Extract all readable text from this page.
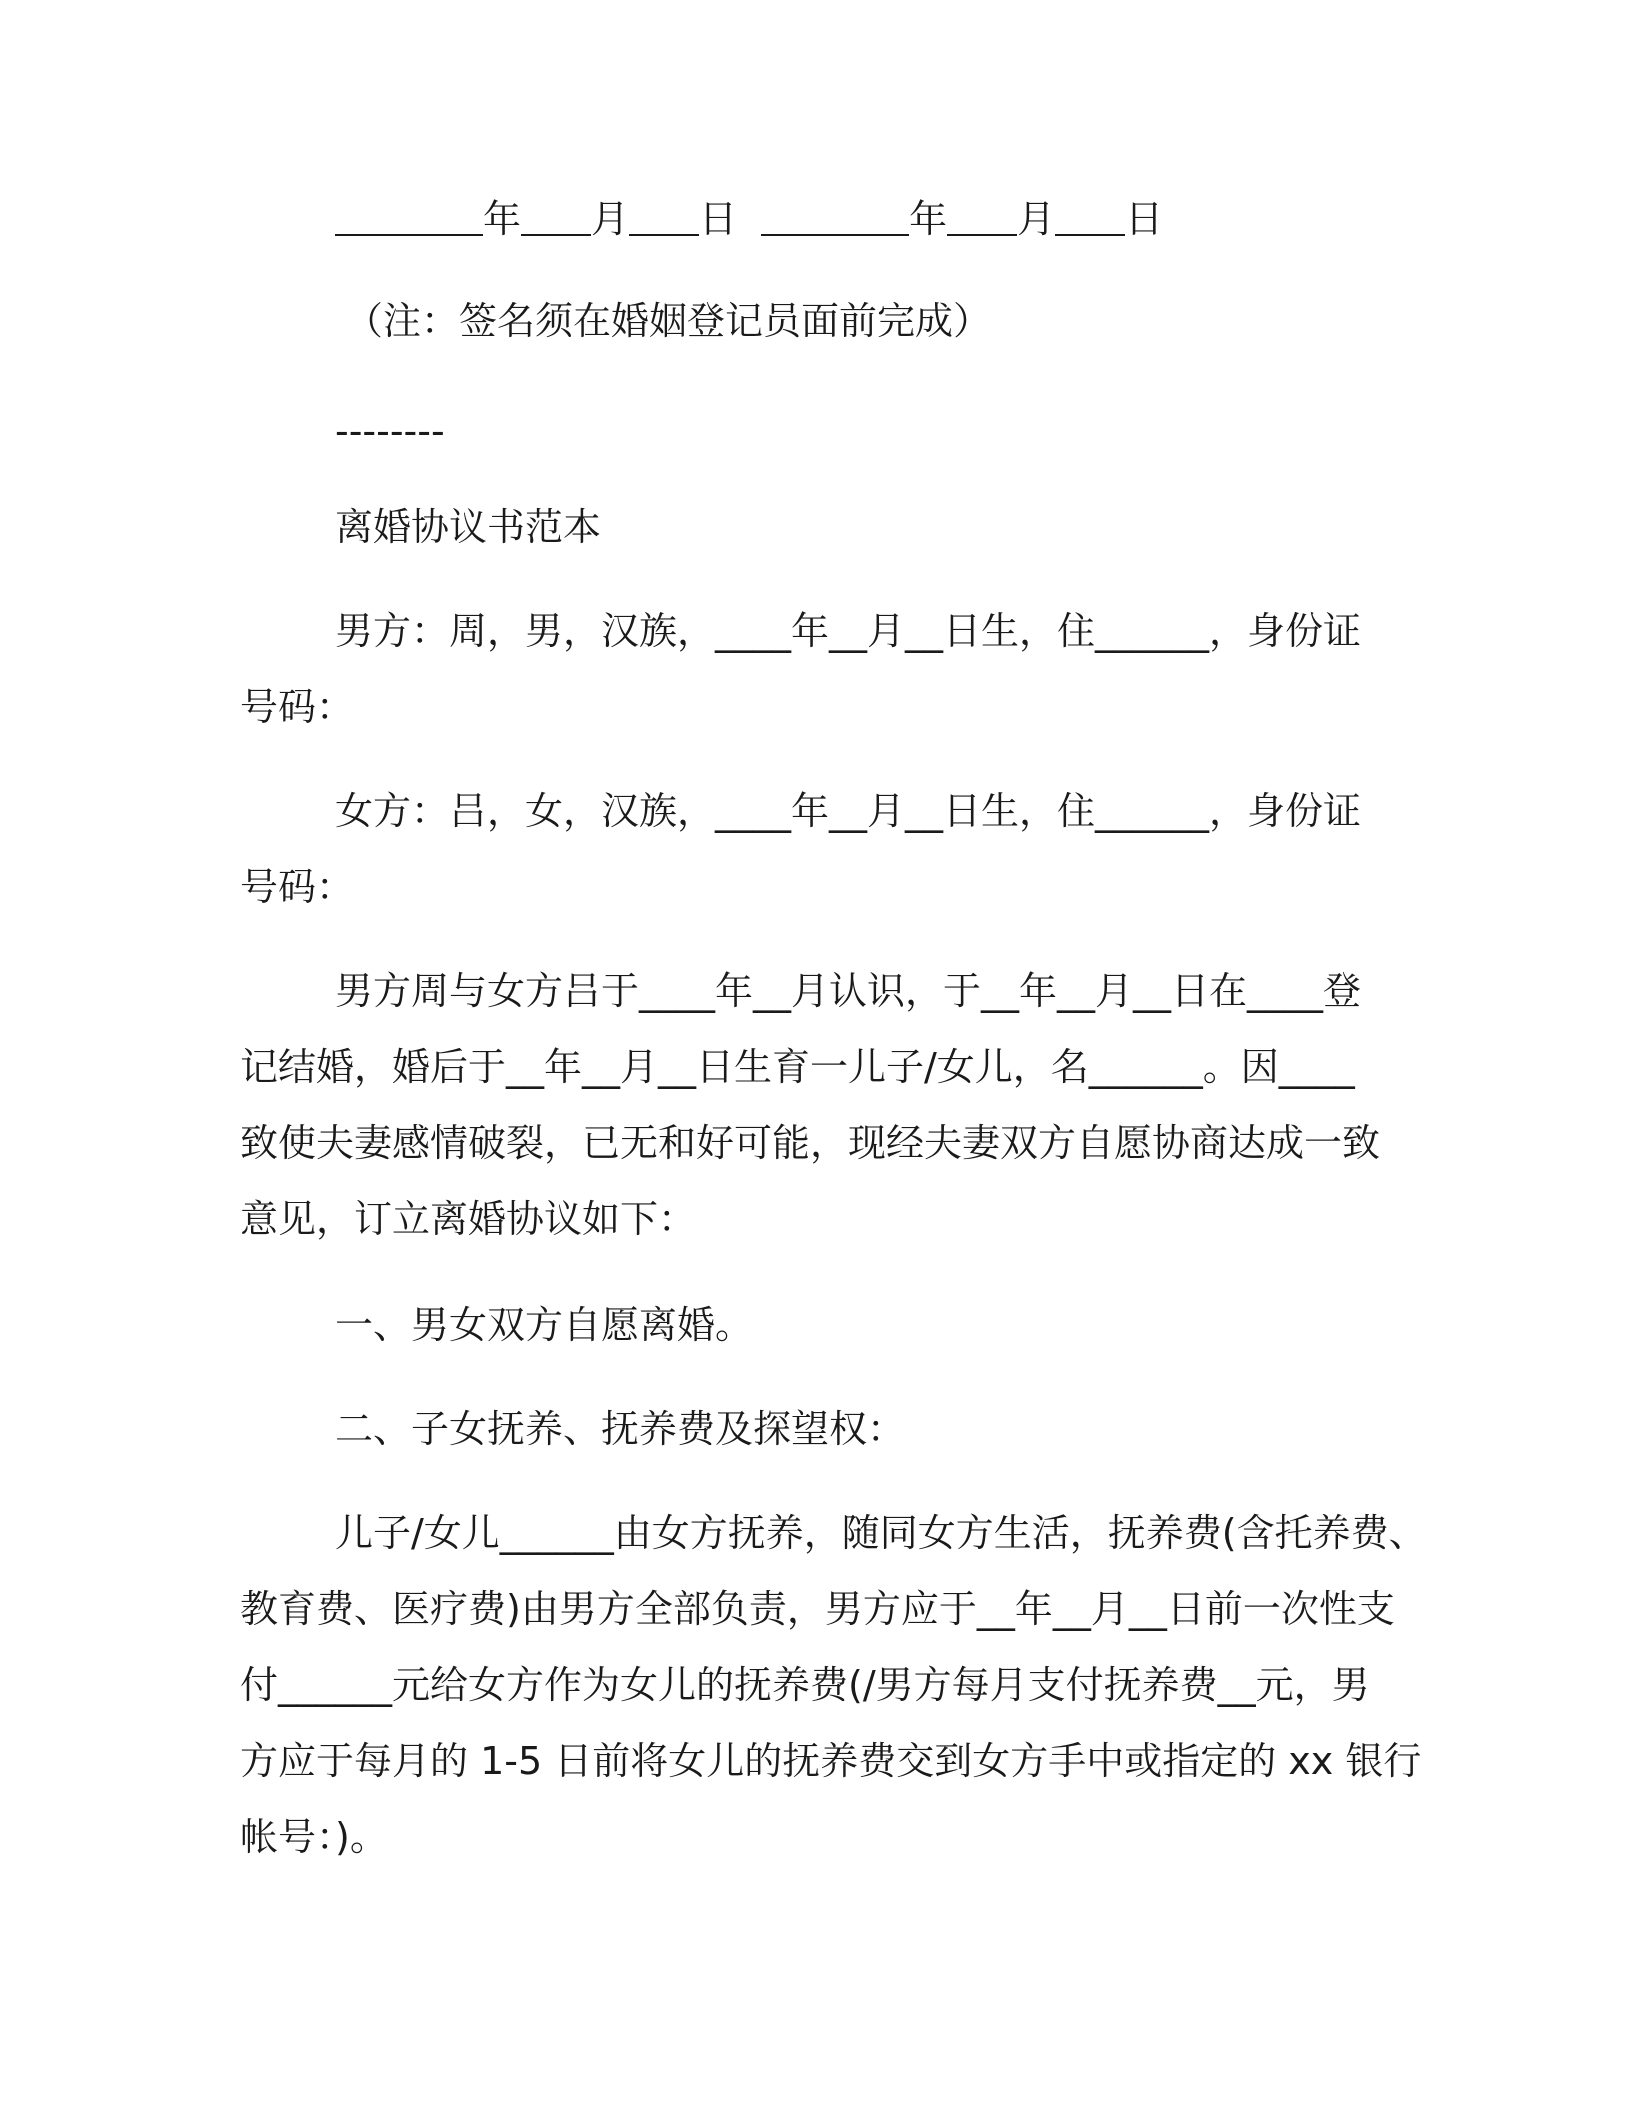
年 月 日	年 月 日
（注：签名须在婚姻登记员面前完成）
--------
离婚协议书范本
男方：周，男，汉族，____年__月__日生，住______，身份证
号码：
女方：吕，女，汉族，____年__月__日生，住______，身份证
号码：
男方周与女方吕于____年__月认识，于__年__月__日在____登
记结婚，婚后于__年__月__日生育一儿子/女儿，名______。因____
致使夫妻感情破裂，已无和好可能，现经夫妻双方自愿协商达成一致
意见，订立离婚协议如下：
一、男女双方自愿离婚。
二、子女抚养、抚养费及探望权：
儿子/女儿______由女方抚养，随同女方生活，抚养费(含托养费、
教育费、医疗费)由男方全部负责，男方应于__年__月__日前一次性支
付______元给女方作为女儿的抚养费(/男方每月支付抚养费__元，男
方应于每月的 1-5 日前将女儿的抚养费交到女方手中或指定的 xx 银行
帐号：)。
